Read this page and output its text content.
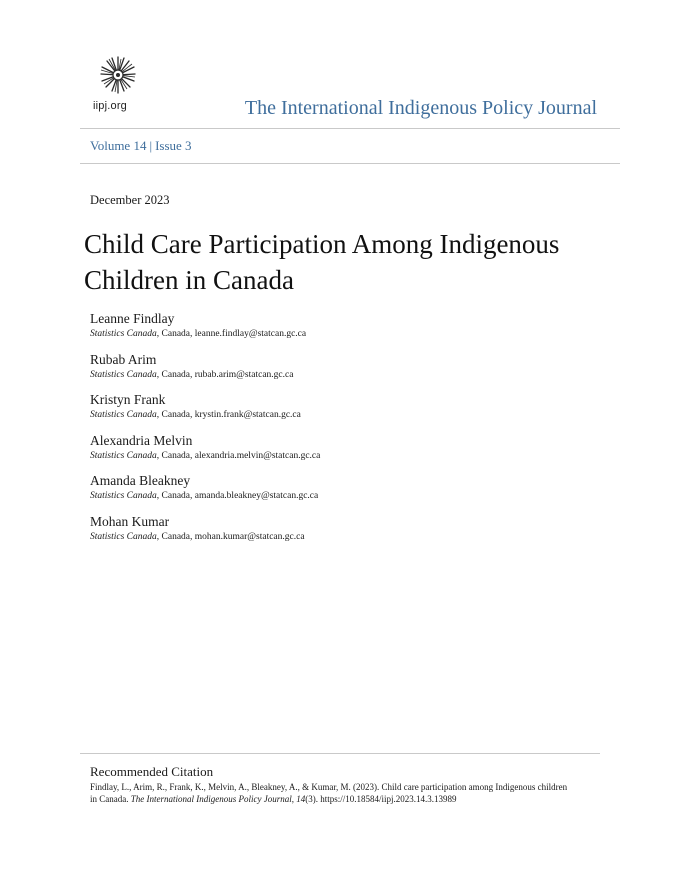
iipj.org	The International Indigenous Policy Journal
Volume 14 | Issue 3
December 2023
Child Care Participation Among Indigenous Children in Canada
Leanne Findlay
Statistics Canada, Canada, leanne.findlay@statcan.gc.ca
Rubab Arim
Statistics Canada, Canada, rubab.arim@statcan.gc.ca
Kristyn Frank
Statistics Canada, Canada, krystin.frank@statcan.gc.ca
Alexandria Melvin
Statistics Canada, Canada, alexandria.melvin@statcan.gc.ca
Amanda Bleakney
Statistics Canada, Canada, amanda.bleakney@statcan.gc.ca
Mohan Kumar
Statistics Canada, Canada, mohan.kumar@statcan.gc.ca
Recommended Citation
Findlay, L., Arim, R., Frank, K., Melvin, A., Bleakney, A., & Kumar, M. (2023). Child care participation among Indigenous children in Canada. The International Indigenous Policy Journal, 14(3). https://10.18584/iipj.2023.14.3.13989
